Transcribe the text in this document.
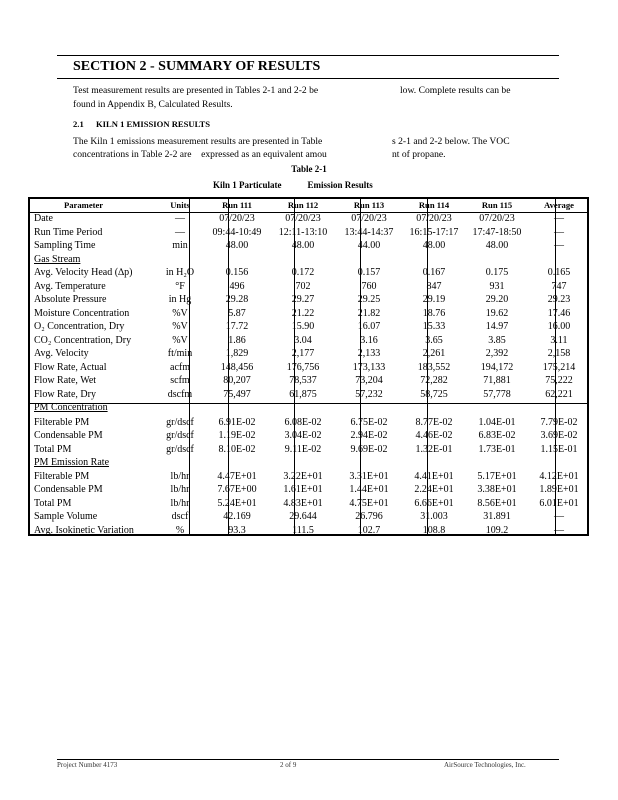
SECTION 2 - SUMMARY OF RESULTS
Test measurement results are presented in Tables 2-1 and 2-2 be	low. Complete results can be
found in Appendix B, Calculated Results.
2.1 KILN 1 EMISSION RESULTS
The Kiln 1 emissions measurement results are presented in Table	s 2-1 and 2-2 below. The VOC
concentrations in Table 2-2 are    expressed as an equivalent amou	nt of propane.
Table 2-1
Kiln 1 Particulate	Emission Results
Parameter	Units	Run 111	Run 112	Run 113	Run 114	Run 115	Average
Date	—	07/20/23	07/20/23	07/20/23	07/20/23	07/20/23	—
Run Time Period	—	09:44-10:49	12:11-13:10	13:44-14:37	16:15-17:17	17:47-18:50	—
Sampling Time	min	48.00	48.00	44.00	48.00	48.00	—
Gas Stream
Avg. Velocity Head (∆p)	in H₂O	0.156	0.172	0.157	0.167	0.175	0.165
Avg. Temperature	°F	496	702	760	847	931	747
Absolute Pressure	in Hg	29.28	29.27	29.25	29.19	29.20	29.23
Moisture Concentration	%V	5.87	21.22	21.82	18.76	19.62	17.46
O₂ Concentration, Dry	%V	17.72	15.90	16.07	15.33	14.97	16.00
CO₂ Concentration, Dry	%V	1.86	3.04	3.16	3.65	3.85	3.11
Avg. Velocity	ft/min	1,829	2,177	2,133	2,261	2,392	2,158
Flow Rate, Actual	acfm	148,456	176,756	173,133	183,552	194,172	175,214
Flow Rate, Wet	scfm	80,207	78,537	73,204	72,282	71,881	75,222
Flow Rate, Dry	dscfm	75,497	61,875	57,232	58,725	57,778	62,221
PM Concentration
Filterable PM	gr/dscf	6.91E-02	6.08E-02	6.75E-02	8.77E-02	1.04E-01	7.79E-02
Condensable PM	gr/dscf	1.19E-02	3.04E-02	2.94E-02	4.46E-02	6.83E-02	3.69E-02
Total PM	gr/dscf	8.10E-02	9.11E-02	9.69E-02	1.32E-01	1.73E-01	1.15E-01
PM Emission Rate
Filterable PM	lb/hr	4.47E+01	3.22E+01	3.31E+01	4.41E+01	5.17E+01	4.12E+01
Condensable PM	lb/hr	7.67E+00	1.61E+01	1.44E+01	2.24E+01	3.38E+01	1.89E+01
Total PM	lb/hr	5.24E+01	4.83E+01	4.75E+01	6.66E+01	8.56E+01	6.01E+01
Sample Volume	dscf	42.169	29.644	26.796	31.003	31.891	—
Avg. Isokinetic Variation	%	93.3	111.5	102.7	108.8	109.2	—
Project Number 4173	2 of 9	AirSource Technologies, Inc.
